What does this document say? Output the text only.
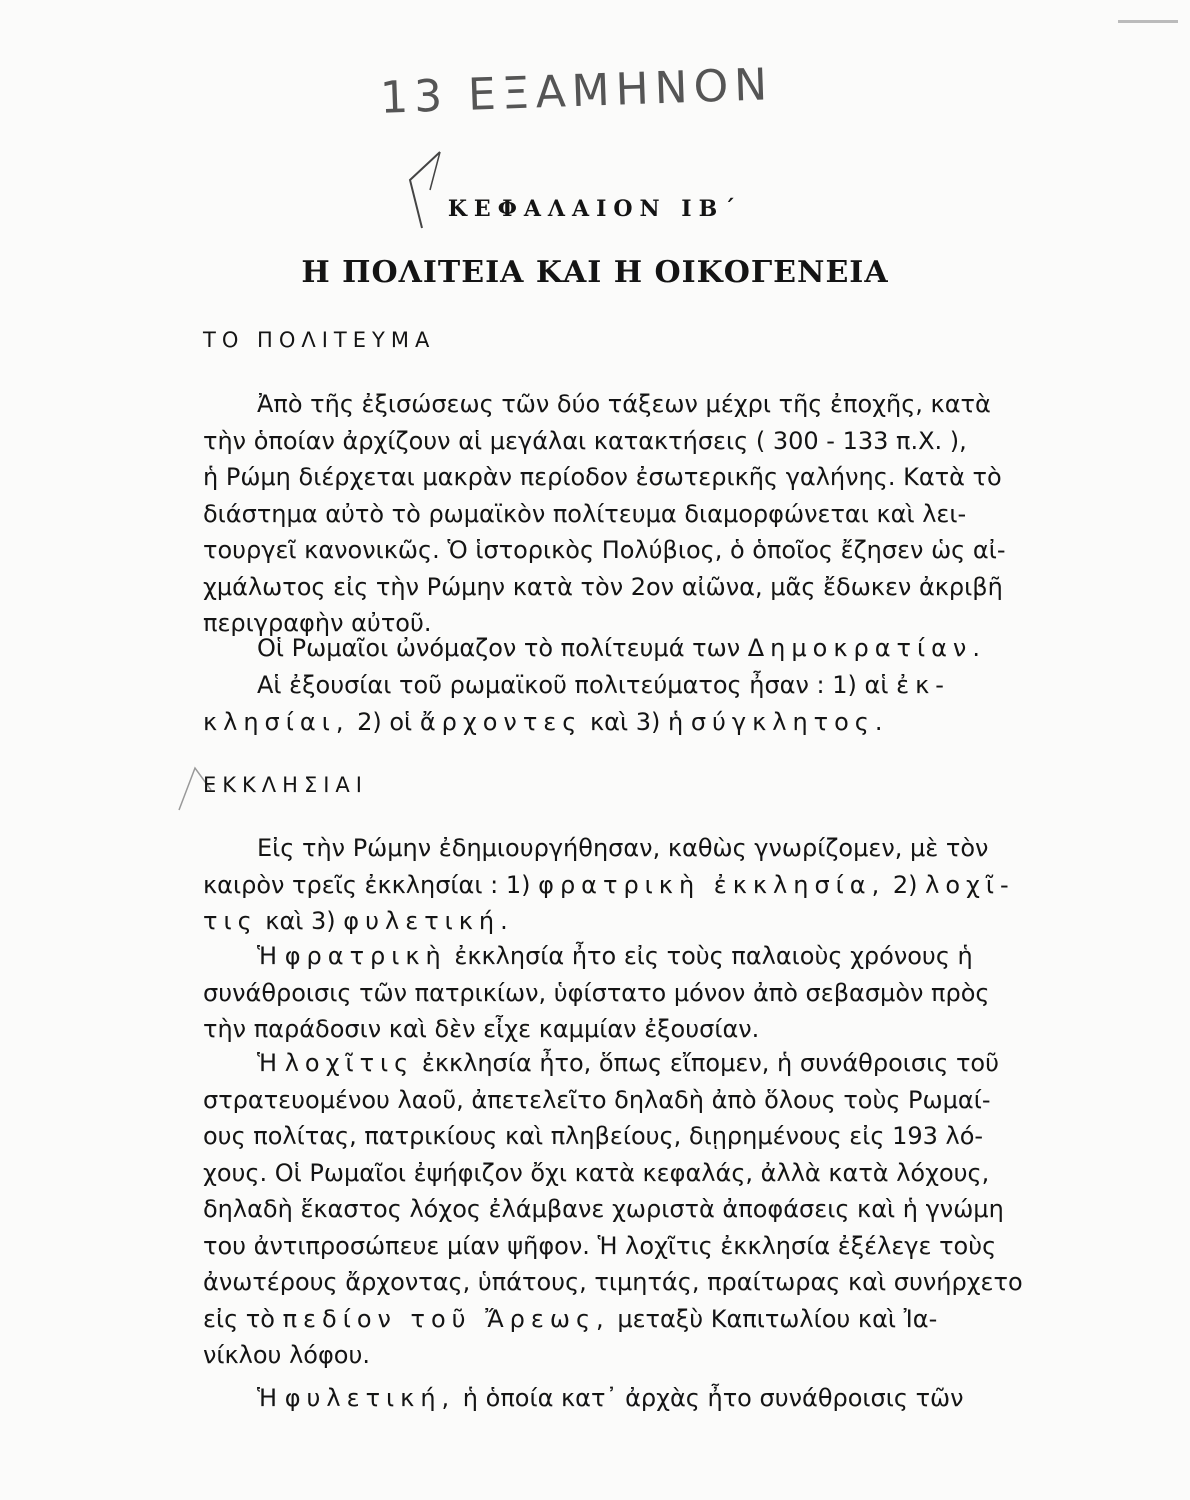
13 ΕΞΑΜΗΝΟΝ
ΚΕΦΑΛΑΙΟΝ ΙΒ΄
Η ΠΟΛΙΤΕΙΑ ΚΑΙ Η ΟΙΚΟΓΕΝΕΙΑ
ΤΟ ΠΟΛΙΤΕΥΜΑ
Ἀπὸ τῆς ἐξισώσεως τῶν δύο τάξεων μέχρι τῆς ἐποχῆς, κατὰ
τὴν ὁποίαν ἀρχίζουν αἱ μεγάλαι κατακτήσεις ( 300 - 133 π.Χ. ),
ἡ Ρώμη διέρχεται μακρὰν περίοδον ἐσωτερικῆς γαλήνης. Κατὰ τὸ
διάστημα αὐτὸ τὸ ρωμαϊκὸν πολίτευμα διαμορφώνεται καὶ λει-
τουργεῖ κανονικῶς. Ὁ ἱστορικὸς Πολύβιος, ὁ ὁποῖος ἔζησεν ὡς αἰ-
χμάλωτος εἰς τὴν Ρώμην κατὰ τὸν 2ον αἰῶνα, μᾶς ἔδωκεν ἀκριβῆ
περιγραφὴν αὐτοῦ.
Οἱ Ρωμαῖοι ὠνόμαζον τὸ πολίτευμά των Δημοκρατίαν.
Αἱ ἐξουσίαι τοῦ ρωμαϊκοῦ πολιτεύματος ἦσαν : 1) αἱ ἐκ-
κλησίαι, 2) οἱ ἄρχοντες καὶ 3) ἡ σύγκλητος.
ΕΚΚΛΗΣΙΑΙ
Εἰς τὴν Ρώμην ἐδημιουργήθησαν, καθὼς γνωρίζομεν, μὲ τὸν
καιρὸν τρεῖς ἐκκλησίαι : 1) φρατρικὴ ἐκκλησία, 2) λοχῖ-
τις καὶ 3) φυλετική.
Ἡ φρατρικὴ ἐκκλησία ἦτο εἰς τοὺς παλαιοὺς χρόνους ἡ
συνάθροισις τῶν πατρικίων, ὑφίστατο μόνον ἀπὸ σεβασμὸν πρὸς
τὴν παράδοσιν καὶ δὲν εἶχε καμμίαν ἐξουσίαν.
Ἡ λοχῖτις ἐκκλησία ἦτο, ὅπως εἴπομεν, ἡ συνάθροισις τοῦ
στρατευομένου λαοῦ, ἀπετελεῖτο δηλαδὴ ἀπὸ ὅλους τοὺς Ρωμαί-
ους πολίτας, πατρικίους καὶ πληβείους, διῃρημένους εἰς 193 λό-
χους. Οἱ Ρωμαῖοι ἐψήφιζον ὄχι κατὰ κεφαλάς, ἀλλὰ κατὰ λόχους,
δηλαδὴ ἕκαστος λόχος ἐλάμβανε χωριστὰ ἀποφάσεις καὶ ἡ γνώμη
του ἀντιπροσώπευε μίαν ψῆφον. Ἡ λοχῖτις ἐκκλησία ἐξέλεγε τοὺς
ἀνωτέρους ἄρχοντας, ὑπάτους, τιμητάς, πραίτωρας καὶ συνήρχετο
εἰς τὸ πεδίον τοῦ Ἄρεως, μεταξὺ Καπιτωλίου καὶ Ἰα-
νίκλου λόφου.
Ἡ φυλετική, ἡ ὁποία κατ᾽ ἀρχὰς ἦτο συνάθροισις τῶν
